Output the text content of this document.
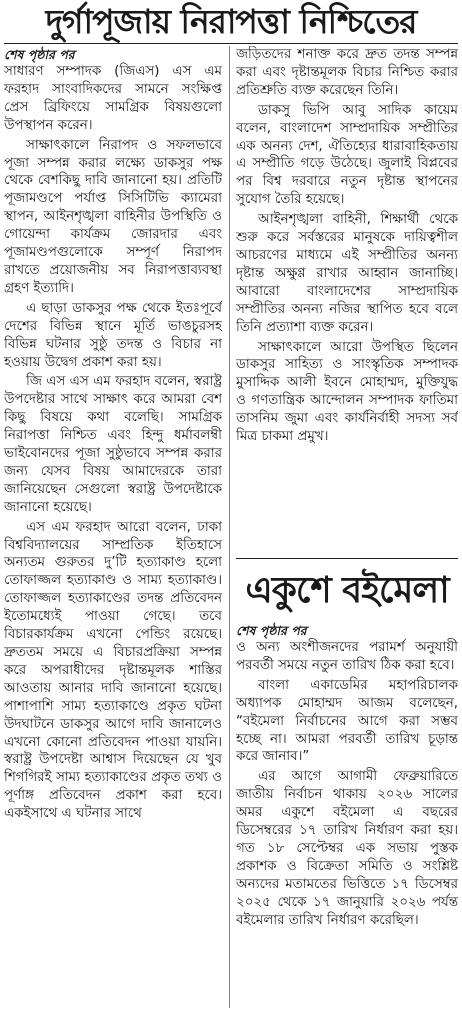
দুর্গাপূজায় নিরাপত্তা নিশ্চিতের
শেষ পৃষ্ঠার পর

সাধারণ সম্পাদক (জিএস) এস এম ফরহাদ সাংবাদিকদের সামনে সংক্ষিপ্ত প্রেস ব্রিফিংয়ে সামগ্রিক বিষয়গুলো উপস্থাপন করেন।

সাক্ষাৎকালে নিরাপদ ও সফলভাবে পূজা সম্পন্ন করার লক্ষ্যে ডাকসুর পক্ষ থেকে বেশকিছু দাবি জানানো হয়। প্রতিটি পূজামণ্ডপে পর্যাপ্ত সিসিটিভি ক্যামেরা স্থাপন, আইনশৃঙ্খলা বাহিনীর উপস্থিতি ও গোয়েন্দা কার্যক্রম জোরদার এবং পূজামণ্ডপগুলোকে সম্পূর্ণ নিরাপদ রাখতে প্রয়োজনীয় সব নিরাপত্তাব্যবস্থা গ্রহণ ইত্যাদি।

এ ছাড়া ডাকসুর পক্ষ থেকে ইতঃপূর্বে দেশের বিভিন্ন স্থানে মূর্তি ভাঙচুরসহ বিভিন্ন ঘটনার সুষ্ঠু তদন্ত ও বিচার না হওয়ায় উদ্বেগ প্রকাশ করা হয়।

জি এস এস এম ফরহাদ বলেন, স্বরাষ্ট্র উপদেষ্টার সাথে সাক্ষাৎ করে আমরা বেশ কিছু বিষয়ে কথা বলেছি। সামগ্রিক নিরাপত্তা নিশ্চিত এবং হিন্দু ধর্মাবলম্বী ভাইবোনদের পূজা সুষ্ঠুভাবে সম্পন্ন করার জন্য যেসব বিষয় আমাদেরকে তারা জানিয়েছেন সেগুলো স্বরাষ্ট্র উপদেষ্টাকে জানানো হয়েছে।

এস এম ফরহাদ আরো বলেন, ঢাকা বিশ্ববিদ্যালয়ের সাম্প্রতিক ইতিহাসে অন্যতম গুরুতর দু’টি হত্যাকাণ্ড হলো তোফাজ্জল হত্যাকাণ্ড ও সাম্য হত্যাকাণ্ড। তোফাজ্জল হত্যাকাণ্ডের তদন্ত প্রতিবেদন ইতোমধ্যেই পাওয়া গেছে। তবে বিচারকার্যক্রম এখনো পেন্ডিং রয়েছে। দ্রুততম সময়ে এ বিচারপ্রক্রিয়া সম্পন্ন করে অপরাধীদের দৃষ্টান্তমূলক শাস্তির আওতায় আনার দাবি জানানো হয়েছে। পাশাপাশি সাম্য হত্যাকাণ্ডে প্রকৃত ঘটনা উদঘাটনে ডাকসুর আগে দাবি জানালেও এখনো কোনো প্রতিবেদন পাওয়া যায়নি। স্বরাষ্ট্র উপদেষ্টা আশ্বাস দিয়েছেন যে খুব শিগগিরই সাম্য হত্যাকাণ্ডের প্রকৃত তথ্য ও পূর্ণাঙ্গ প্রতিবেদন প্রকাশ করা হবে। একইসাথে এ ঘটনার সাথে

জড়িতদের শনাক্ত করে দ্রুত তদন্ত সম্পন্ন করা এবং দৃষ্টান্তমূলক বিচার নিশ্চিত করার প্রতিশ্রুতি ব্যক্ত করেছেন তিনি।

ডাকসু ভিপি আবু সাদিক কায়েম বলেন, বাংলাদেশ সাম্প্রদায়িক সম্প্রীতির এক অনন্য দেশ, ঐতিহ্যের ধারাবাহিকতায় এ সম্প্রীতি গড়ে উঠেছে। জুলাই বিপ্লবের পর বিশ্ব দরবারে নতুন দৃষ্টান্ত স্থাপনের সুযোগ তৈরি হয়েছে।

আইনশৃঙ্খলা বাহিনী, শিক্ষার্থী থেকে শুরু করে সর্বস্তরের মানুষকে দায়িত্বশীল আচরণের মাধ্যমে এই সম্প্রীতির অনন্য দৃষ্টান্ত অক্ষুণ্ণ রাখার আহ্বান জানাচ্ছি। আবারো বাংলাদেশের সাম্প্রদায়িক সম্প্রীতির অনন্য নজির স্থাপিত হবে বলে তিনি প্রত্যাশা ব্যক্ত করেন।

সাক্ষাৎকালে আরো উপস্থিত ছিলেন ডাকসুর সাহিত্য ও সাংস্কৃতিক সম্পাদক মুসাদ্দিক আলী ইবনে মোহাম্মদ, মুক্তিযুদ্ধ ও গণতান্ত্রিক আন্দোলন সম্পাদক ফাতিমা তাসনিম জুমা এবং কার্যনির্বাহী সদস্য সর্ব মিত্র চাকমা প্রমুখ।

একুশে বইমেলা
শেষ পৃষ্ঠার পর

ও অন্য অংশীজনদের পরামর্শ অনুযায়ী পরবর্তী সময়ে নতুন তারিখ ঠিক করা হবে।

বাংলা একাডেমির মহাপরিচালক অধ্যাপক মোহাম্মদ আজম বলেছেন, “বইমেলা নির্বাচনের আগে করা সম্ভব হচ্ছে না। আমরা পরবর্তী তারিখ চূড়ান্ত করে জানাব।”

এর আগে আগামী ফেব্রুয়ারিতে জাতীয় নির্বাচন থাকায় ২০২৬ সালের অমর একুশে বইমেলা এ বছরের ডিসেম্বরের ১৭ তারিখ নির্ধারণ করা হয়। গত ১৮ সেপ্টেম্বর এক সভায় পুস্তক প্রকাশক ও বিক্রেতা সমিতি ও সংশ্লিষ্ট অন্যদের মতামতের ভিত্তিতে ১৭ ডিসেম্বর ২০২৫ থেকে ১৭ জানুয়ারি ২০২৬ পর্যন্ত বইমেলার তারিখ নির্ধারণ করেছিল।
